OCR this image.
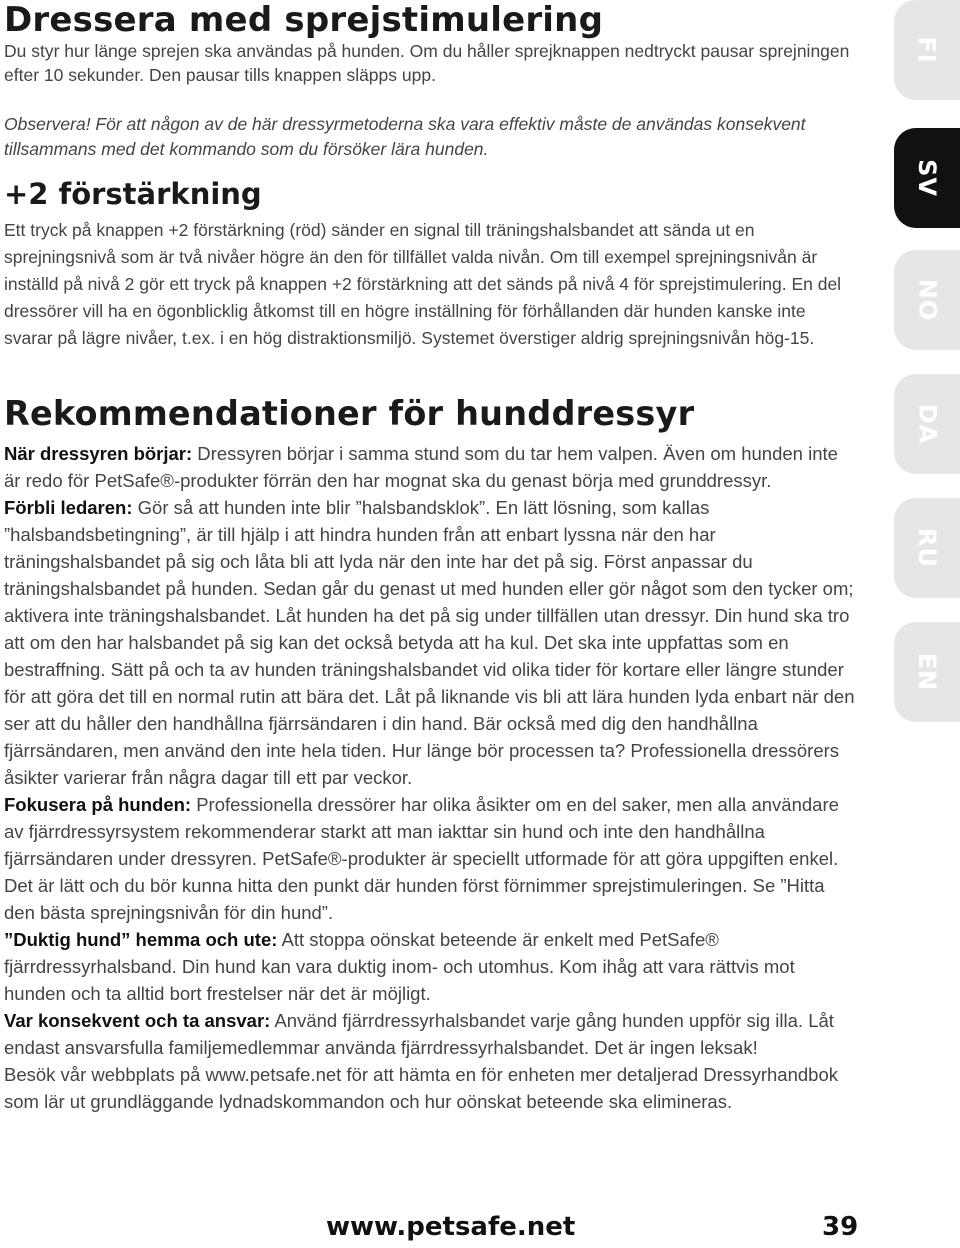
Dressera med sprejstimulering

Du styr hur länge sprejen ska användas på hunden. Om du håller sprejknappen nedtryckt pausar sprejningen efter 10 sekunder. Den pausar tills knappen släpps upp.

Observera! För att någon av de här dressyrmetoderna ska vara effektiv måste de användas konsekvent tillsammans med det kommando som du försöker lära hunden.

+2 förstärkning

Ett tryck på knappen +2 förstärkning (röd) sänder en signal till träningshalsbandet att sända ut en sprejningsnivå som är två nivåer högre än den för tillfället valda nivån. Om till exempel sprejningsnivån är inställd på nivå 2 gör ett tryck på knappen +2 förstärkning att det sänds på nivå 4 för sprejstimulering. En del dressörer vill ha en ögonblicklig åtkomst till en högre inställning för förhållanden där hunden kanske inte svarar på lägre nivåer, t.ex. i en hög distraktionsmiljö. Systemet överstiger aldrig sprejningsnivån hög-15.

Rekommendationer för hunddressyr

När dressyren börjar: Dressyren börjar i samma stund som du tar hem valpen. Även om hunden inte är redo för PetSafe®-produkter förrän den har mognat ska du genast börja med grunddressyr.

Förbli ledaren: Gör så att hunden inte blir ”halsbandsklok”. En lätt lösning, som kallas ”halsbandsbetingning”, är till hjälp i att hindra hunden från att enbart lyssna när den har träningshalsbandet på sig och låta bli att lyda när den inte har det på sig. Först anpassar du träningshalsbandet på hunden. Sedan går du genast ut med hunden eller gör något som den tycker om; aktivera inte träningshalsbandet. Låt hunden ha det på sig under tillfällen utan dressyr. Din hund ska tro att om den har halsbandet på sig kan det också betyda att ha kul. Det ska inte uppfattas som en bestraffning. Sätt på och ta av hunden träningshalsbandet vid olika tider för kortare eller längre stunder för att göra det till en normal rutin att bära det. Låt på liknande vis bli att lära hunden lyda enbart när den ser att du håller den handhållna fjärrsändaren i din hand. Bär också med dig den handhållna fjärrsändaren, men använd den inte hela tiden. Hur länge bör processen ta? Professionella dressörers åsikter varierar från några dagar till ett par veckor.

Fokusera på hunden: Professionella dressörer har olika åsikter om en del saker, men alla användare av fjärrdressyrsystem rekommenderar starkt att man iakttar sin hund och inte den handhållna fjärrsändaren under dressyren. PetSafe®-produkter är speciellt utformade för att göra uppgiften enkel. Det är lätt och du bör kunna hitta den punkt där hunden först förnimmer sprejstimuleringen. Se ”Hitta den bästa sprejningsnivån för din hund”.

”Duktig hund” hemma och ute: Att stoppa oönskat beteende är enkelt med PetSafe® fjärrdressyrhalsband. Din hund kan vara duktig inom- och utomhus. Kom ihåg att vara rättvis mot hunden och ta alltid bort frestelser när det är möjligt.

Var konsekvent och ta ansvar: Använd fjärrdressyrhalsbandet varje gång hunden uppför sig illa. Låt endast ansvarsfulla familjemedlemmar använda fjärrdressyrhalsbandet. Det är ingen leksak!

Besök vår webbplats på www.petsafe.net för att hämta en för enheten mer detaljerad Dressyrhandbok som lär ut grundläggande lydnadskommandon och hur oönskat beteende ska elimineras.

FI
SV
NO
DA
RU
EN
www.petsafe.net	39
